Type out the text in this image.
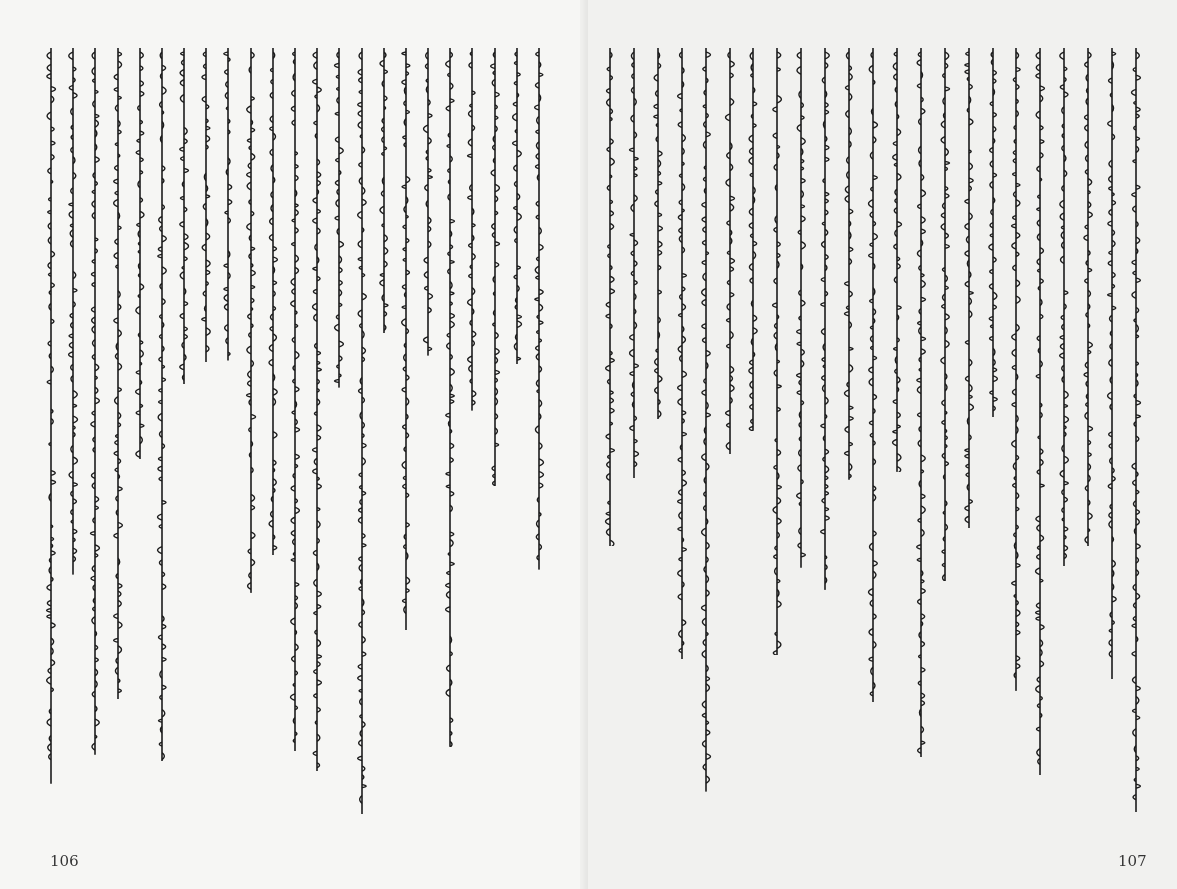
106	107
